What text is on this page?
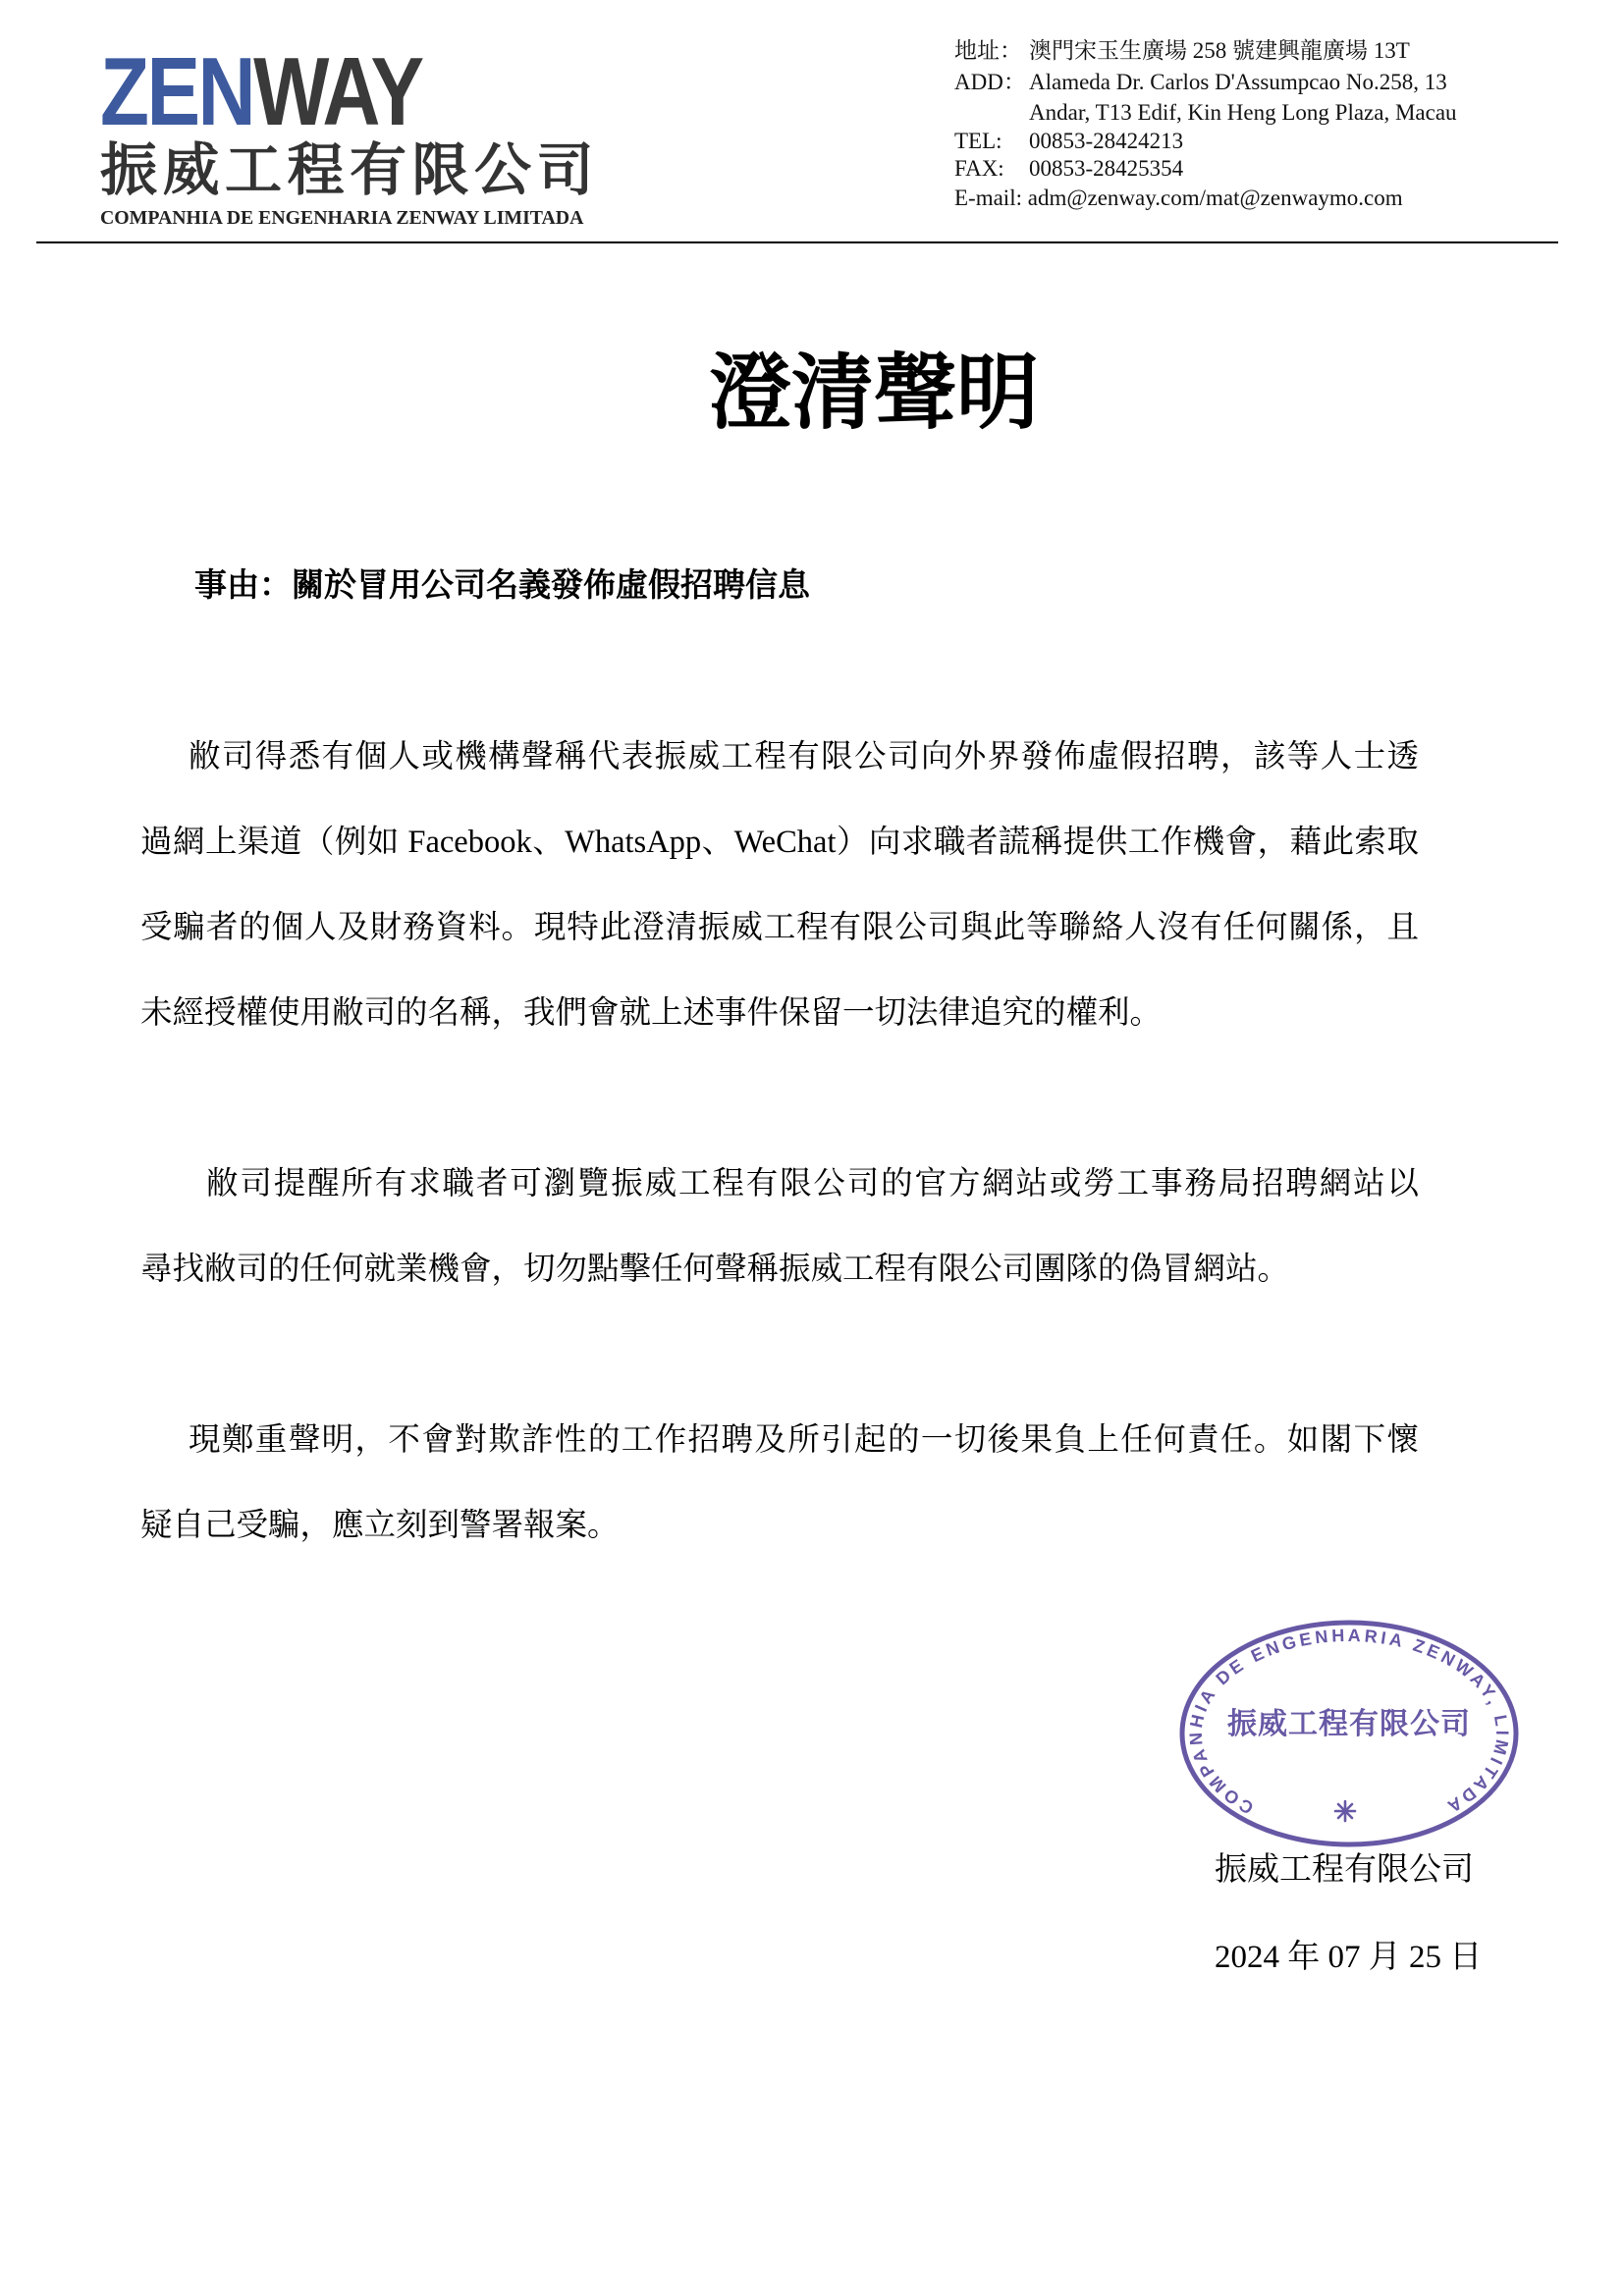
ZENWAY
振威工程有限公司
COMPANHIA DE ENGENHARIA ZENWAY LIMITADA
地址： 澳門宋玉生廣場 258 號建興龍廣場 13T
ADD： Alameda Dr. Carlos D'Assumpcao No.258, 13
Andar, T13 Edif, Kin Heng Long Plaza, Macau
TEL: 00853-28424213
FAX: 00853-28425354
E-mail: adm@zenway.com/mat@zenwaymo.com
澄清聲明
事由：關於冒用公司名義發佈虛假招聘信息
敝司得悉有個人或機構聲稱代表振威工程有限公司向外界發佈虛假招聘，該等人士透
過網上渠道（例如 Facebook、WhatsApp、WeChat）向求職者謊稱提供工作機會，藉此索取
受騙者的個人及財務資料。現特此澄清振威工程有限公司與此等聯絡人沒有任何關係，且
未經授權使用敝司的名稱，我們會就上述事件保留一切法律追究的權利。
敝司提醒所有求職者可瀏覽振威工程有限公司的官方網站或勞工事務局招聘網站以
尋找敝司的任何就業機會，切勿點擊任何聲稱振威工程有限公司團隊的偽冒網站。
現鄭重聲明，不會對欺詐性的工作招聘及所引起的一切後果負上任何責任。如閣下懷
疑自己受騙，應立刻到警署報案。
COMPANHIA DE ENGENHARIA ZENWAY, LIMITADA
振威工程有限公司
振威工程有限公司
2024 年 07 月 25 日
